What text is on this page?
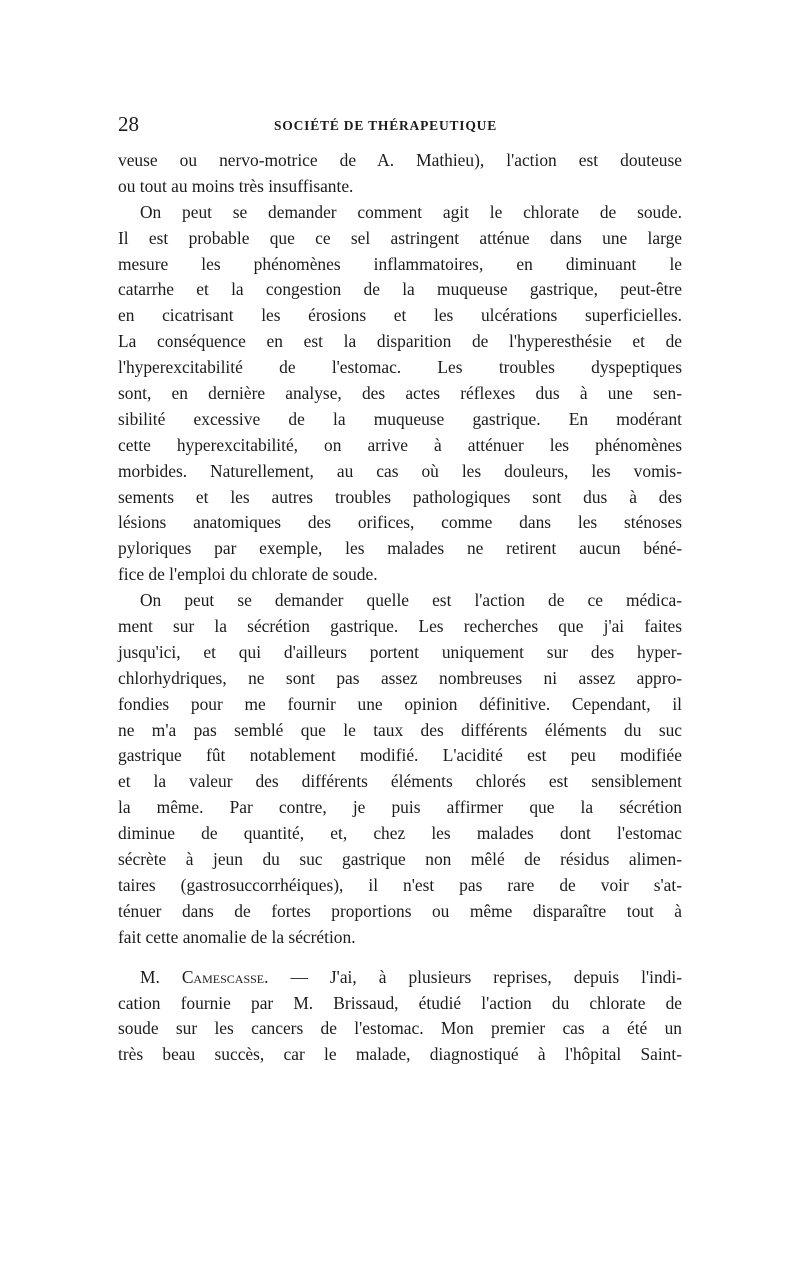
28	SOCIÉTÉ DE THÉRAPEUTIQUE
veuse ou nervo-motrice de A. Mathieu), l'action est douteuse
ou tout au moins très insuffisante.
On peut se demander comment agit le chlorate de soude.
Il est probable que ce sel astringent atténue dans une large
mesure les phénomènes inflammatoires, en diminuant le
catarrhe et la congestion de la muqueuse gastrique, peut-être
en cicatrisant les érosions et les ulcérations superficielles.
La conséquence en est la disparition de l'hyperesthésie et de
l'hyperexcitabilité de l'estomac. Les troubles dyspeptiques
sont, en dernière analyse, des actes réflexes dus à une sen-
sibilité excessive de la muqueuse gastrique. En modérant
cette hyperexcitabilité, on arrive à atténuer les phénomènes
morbides. Naturellement, au cas où les douleurs, les vomis-
sements et les autres troubles pathologiques sont dus à des
lésions anatomiques des orifices, comme dans les sténoses
pyloriques par exemple, les malades ne retirent aucun béné-
fice de l'emploi du chlorate de soude.
On peut se demander quelle est l'action de ce médica-
ment sur la sécrétion gastrique. Les recherches que j'ai faites
jusqu'ici, et qui d'ailleurs portent uniquement sur des hyper-
chlorhydriques, ne sont pas assez nombreuses ni assez appro-
fondies pour me fournir une opinion définitive. Cependant, il
ne m'a pas semblé que le taux des différents éléments du suc
gastrique fût notablement modifié. L'acidité est peu modifiée
et la valeur des différents éléments chlorés est sensiblement
la même. Par contre, je puis affirmer que la sécrétion
diminue de quantité, et, chez les malades dont l'estomac
sécrète à jeun du suc gastrique non mêlé de résidus alimen-
taires (gastrosuccorrhéiques), il n'est pas rare de voir s'at-
ténuer dans de fortes proportions ou même disparaître tout à
fait cette anomalie de la sécrétion.
M. Camescasse. — J'ai, à plusieurs reprises, depuis l'indi-
cation fournie par M. Brissaud, étudié l'action du chlorate de
soude sur les cancers de l'estomac. Mon premier cas a été un
très beau succès, car le malade, diagnostiqué à l'hôpital Saint-
